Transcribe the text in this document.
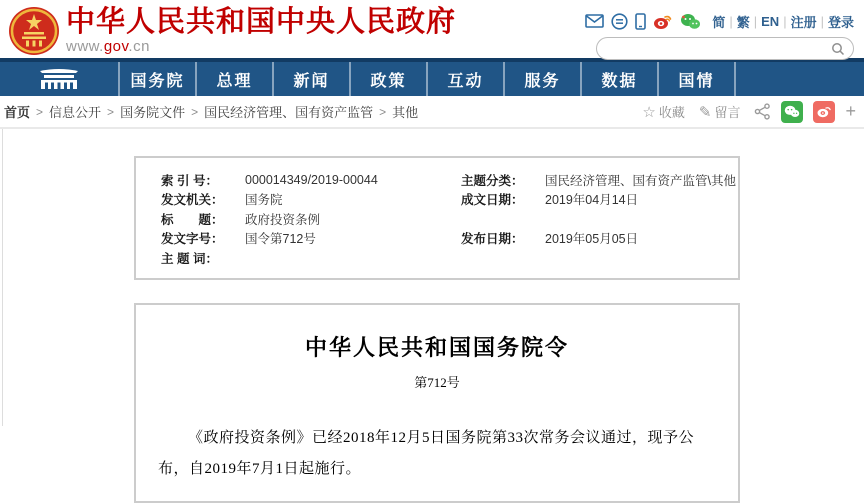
中华人民共和国中央人民政府
www.gov.cn
简 | 繁 | EN | 注册 | 登录
国务院	总理	新闻	政策	互动	服务	数据	国情
首页 > 信息公开 > 国务院文件 > 国民经济管理、国有资产监管 > 其他	☆ 收藏 ✎ 留言	+
索 引 号：	000014349/2019-00044
发文机关：	国务院
标　　题：	政府投资条例
发文字号：	国令第712号
主 题 词：
主题分类：	国民经济管理、国有资产监管\其他
成文日期：	2019年04月14日
发布日期：	2019年05月05日
中华人民共和国国务院令
第712号

《政府投资条例》已经2018年12月5日国务院第33次常务会议通过，现予公布，自2019年7月1日起施行。
